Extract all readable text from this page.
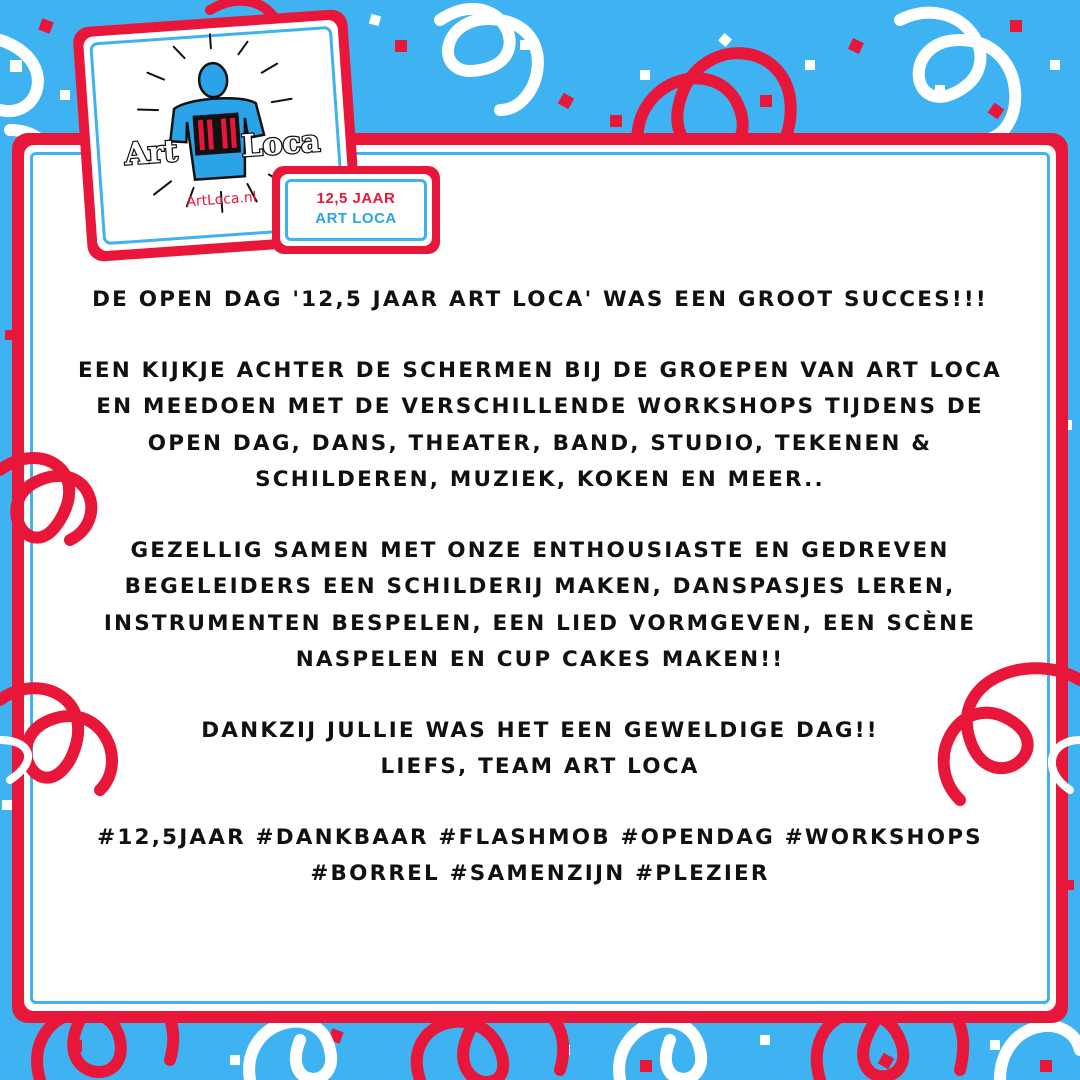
DE OPEN DAG '12,5 JAAR ART LOCA' WAS EEN GROOT SUCCES!!!

EEN KIJKJE ACHTER DE SCHERMEN BIJ DE GROEPEN VAN ART LOCA
EN MEEDOEN MET DE VERSCHILLENDE WORKSHOPS TIJDENS DE
OPEN DAG, DANS, THEATER, BAND, STUDIO, TEKENEN &
SCHILDEREN, MUZIEK, KOKEN EN MEER..

GEZELLIG SAMEN MET ONZE ENTHOUSIASTE EN GEDREVEN
BEGELEIDERS EEN SCHILDERIJ MAKEN, DANSPASJES LEREN,
INSTRUMENTEN BESPELEN, EEN LIED VORMGEVEN, EEN SCÈNE
NASPELEN EN CUP CAKES MAKEN!!

DANKZIJ JULLIE WAS HET EEN GEWELDIGE DAG!!
LIEFS, TEAM ART LOCA

#12,5JAAR #DANKBAAR #FLASHMOB #OPENDAG #WORKSHOPS
#BORREL #SAMENZIJN #PLEZIER

Art Loca
ArtLoca.nl	12,5 JAAR
ART LOCA
